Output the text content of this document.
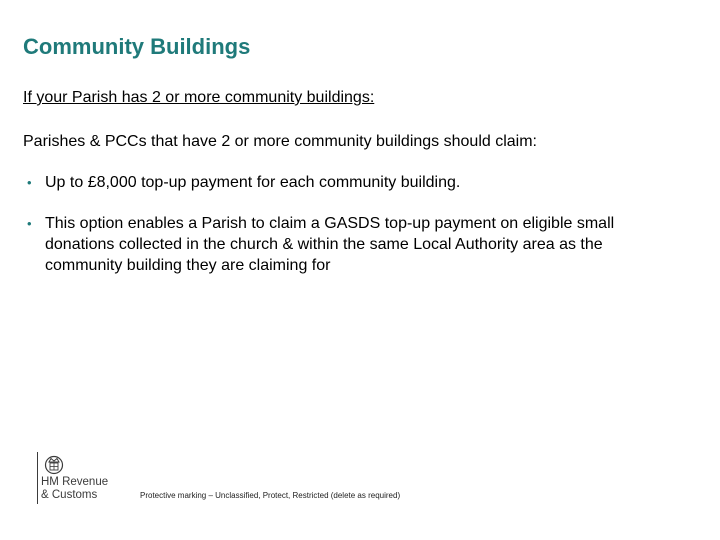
Community Buildings
If your Parish has 2 or more community buildings:
Parishes & PCCs that have 2 or more community buildings should claim:
• Up to £8,000 top-up payment for each community building.
• This option enables a Parish to claim a GASDS top-up payment on eligible small donations collected in the church & within the same Local Authority area as the community building they are claiming for
HM Revenue
& Customs	Protective marking – Unclassified, Protect, Restricted (delete as required)
